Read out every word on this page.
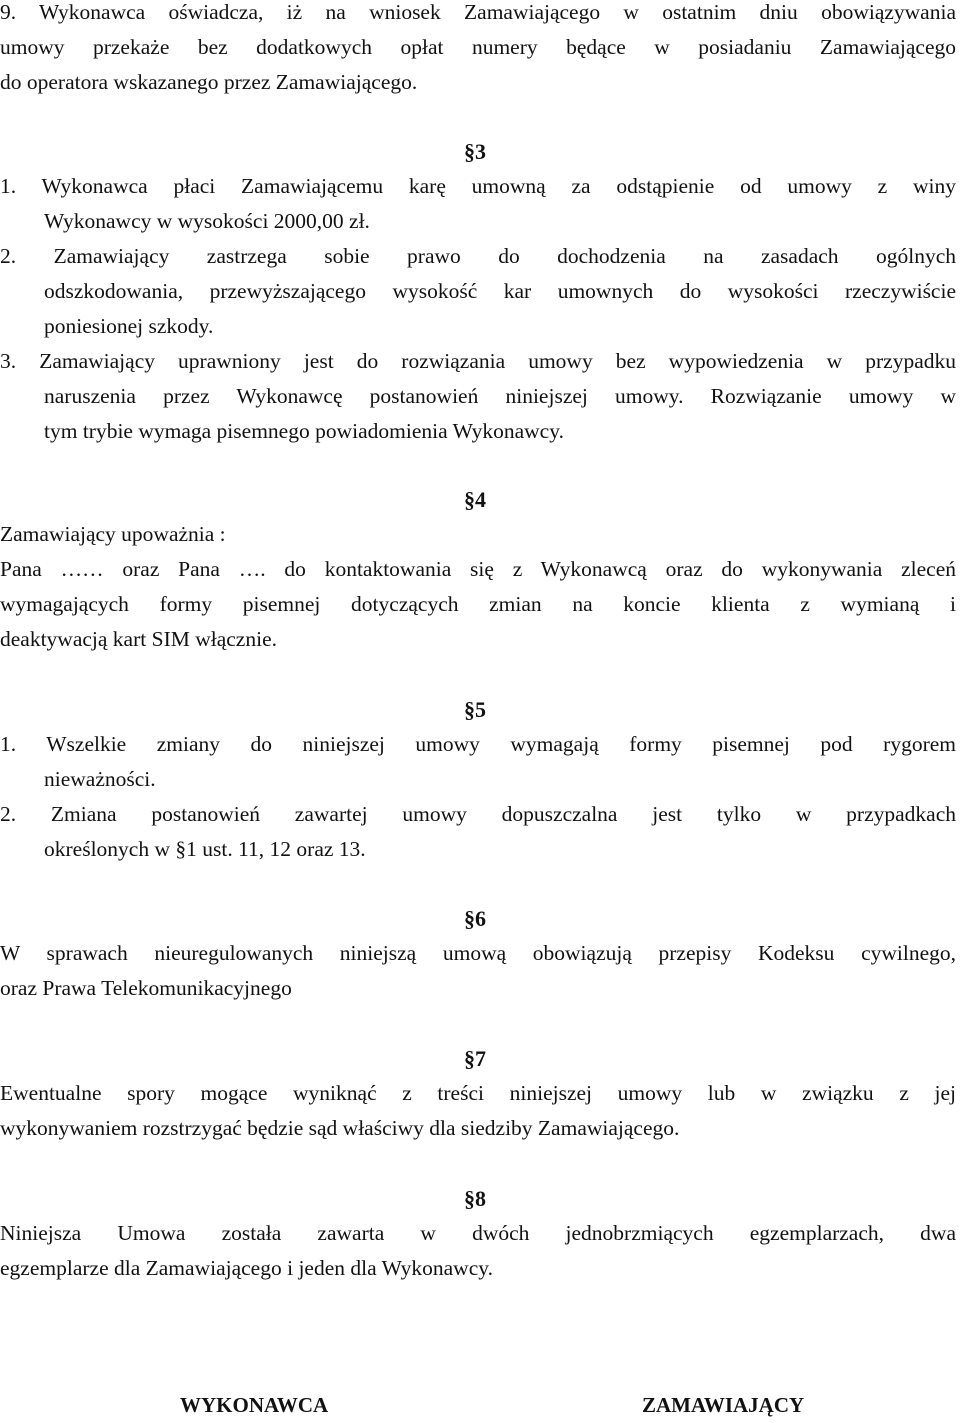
9. Wykonawca oświadcza, iż na wniosek Zamawiającego w ostatnim dniu obowiązywania
umowy przekaże bez dodatkowych opłat numery będące w posiadaniu Zamawiającego
do operatora wskazanego przez Zamawiającego.
§3
1. Wykonawca płaci Zamawiającemu karę umowną za odstąpienie od umowy z winy
Wykonawcy w wysokości 2000,00 zł.
2. Zamawiający zastrzega sobie prawo do dochodzenia na zasadach ogólnych
odszkodowania, przewyższającego wysokość kar umownych do wysokości rzeczywiście
poniesionej szkody.
3. Zamawiający uprawniony jest do rozwiązania umowy bez wypowiedzenia w przypadku
naruszenia przez Wykonawcę postanowień niniejszej umowy. Rozwiązanie umowy w
tym trybie wymaga pisemnego powiadomienia Wykonawcy.
§4
Zamawiający upoważnia :
Pana …… oraz Pana …. do kontaktowania się z Wykonawcą oraz do wykonywania zleceń
wymagających formy pisemnej dotyczących zmian na koncie klienta z wymianą i
deaktywacją kart SIM włącznie.
§5
1. Wszelkie zmiany do niniejszej umowy wymagają formy pisemnej pod rygorem
nieważności.
2. Zmiana postanowień zawartej umowy dopuszczalna jest tylko w przypadkach
określonych w §1 ust. 11, 12 oraz 13.
§6
W sprawach nieuregulowanych niniejszą umową obowiązują przepisy Kodeksu cywilnego,
oraz Prawa Telekomunikacyjnego
§7
Ewentualne spory mogące wyniknąć z treści niniejszej umowy lub w związku z jej
wykonywaniem rozstrzygać będzie sąd właściwy dla siedziby Zamawiającego.
§8
Niniejsza Umowa została zawarta w dwóch jednobrzmiących egzemplarzach, dwa
egzemplarze dla Zamawiającego i jeden dla Wykonawcy.
WYKONAWCA	ZAMAWIAJĄCY
